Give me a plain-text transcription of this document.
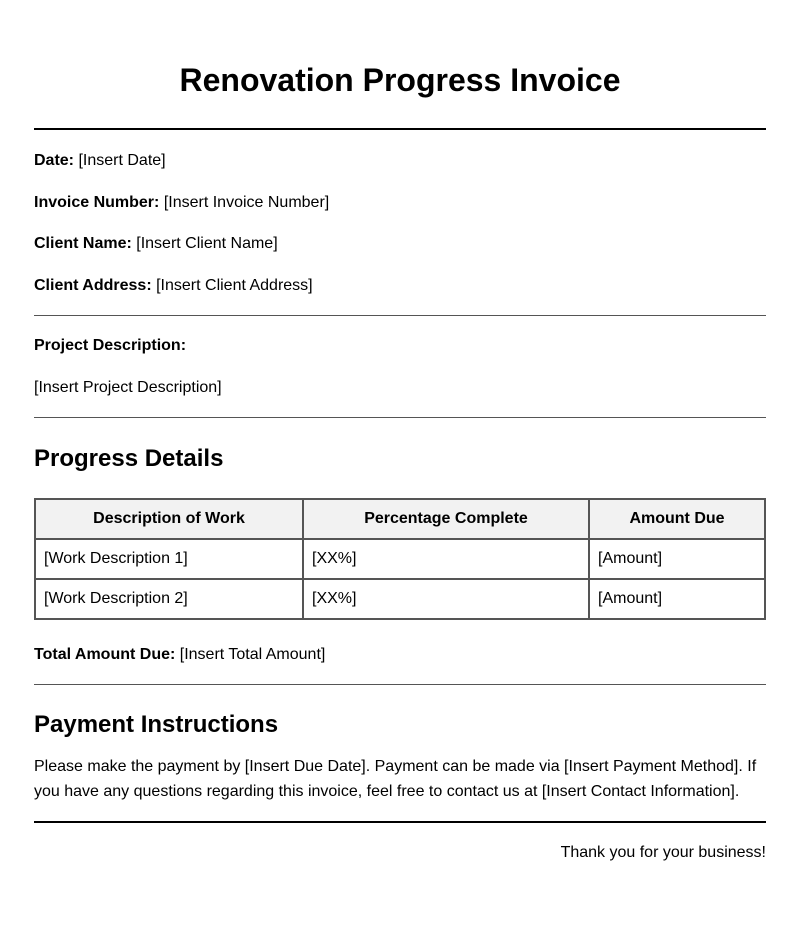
Renovation Progress Invoice

Date: [Insert Date]

Invoice Number: [Insert Invoice Number]

Client Name: [Insert Client Name]

Client Address: [Insert Client Address]

Project Description:

[Insert Project Description]

Progress Details
Description of Work	Percentage Complete	Amount Due
[Work Description 1]	[XX%]	[Amount]
[Work Description 2]	[XX%]	[Amount]

Total Amount Due: [Insert Total Amount]

Payment Instructions

Please make the payment by [Insert Due Date]. Payment can be made via [Insert Payment Method]. If you have any questions regarding this invoice, feel free to contact us at [Insert Contact Information].

Thank you for your business!
